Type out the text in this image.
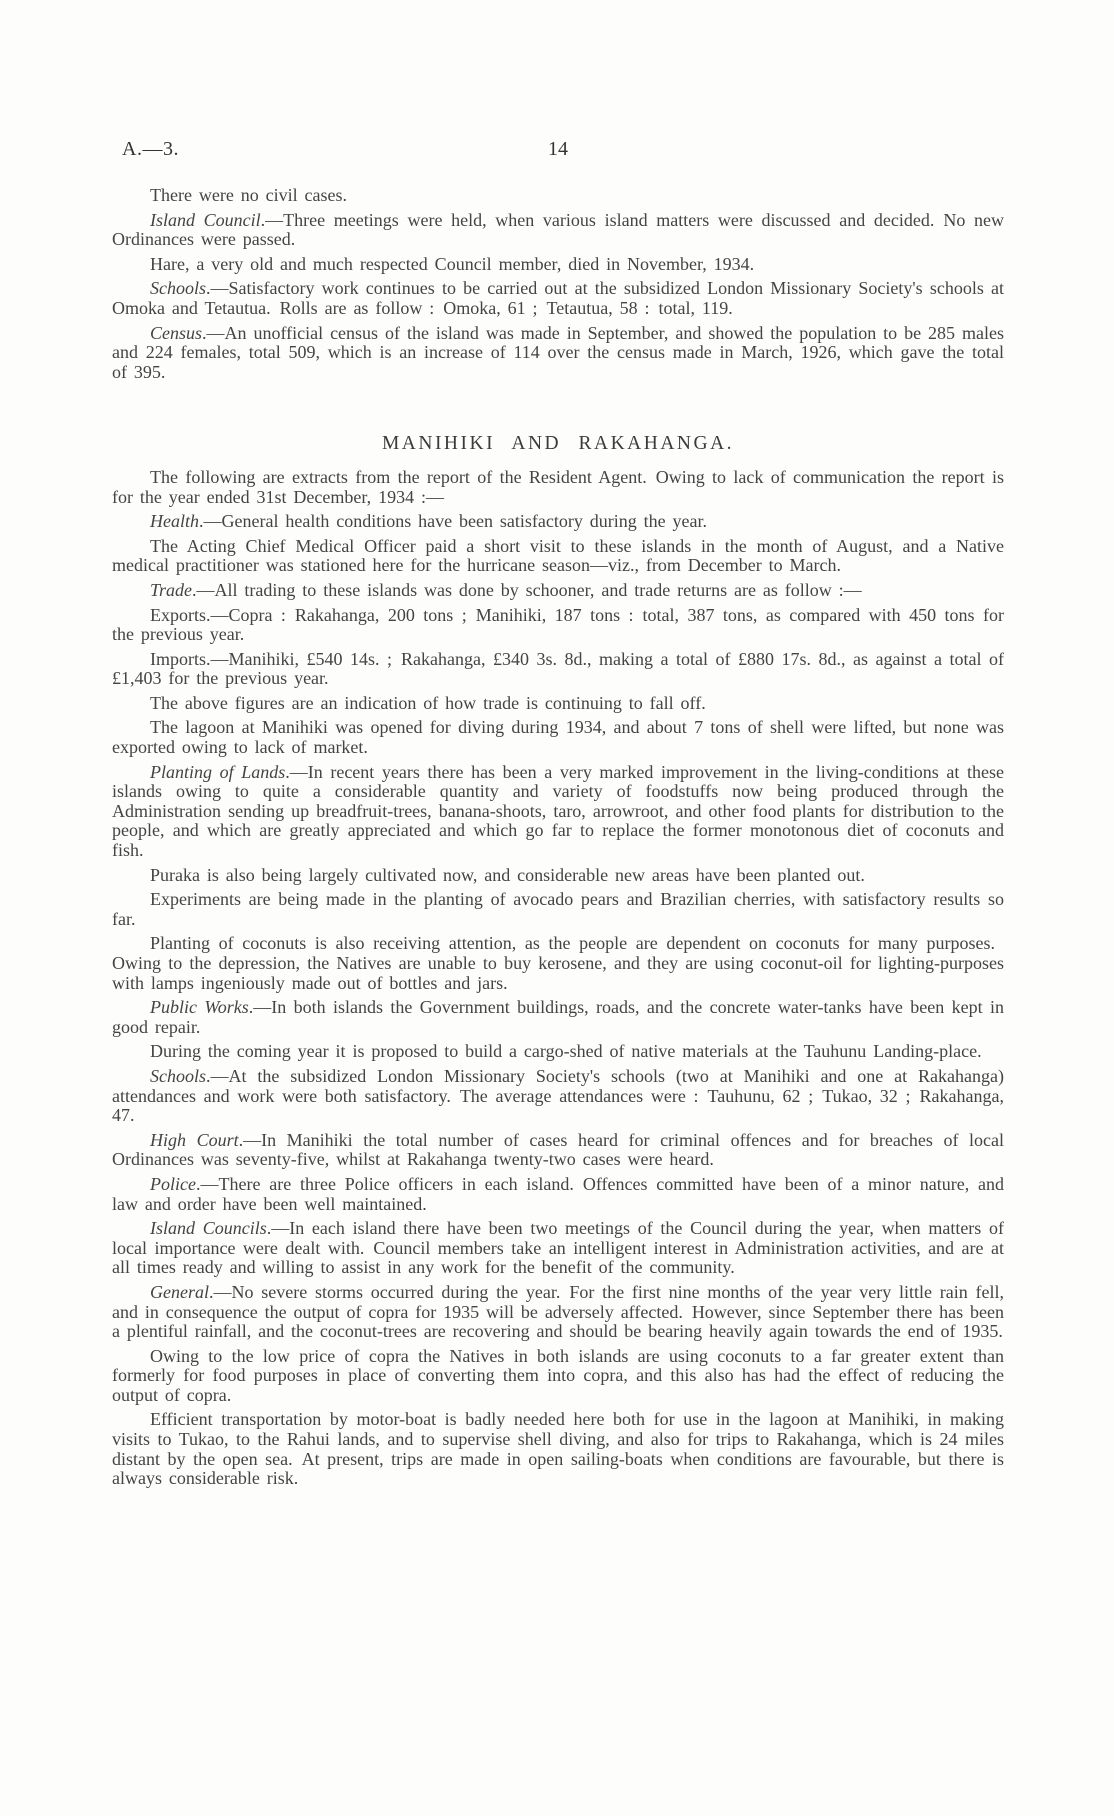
A.—3.	14

There were no civil cases.

Island Council.—Three meetings were held, when various island matters were discussed and decided. No new Ordinances were passed.

Hare, a very old and much respected Council member, died in November, 1934.

Schools.—Satisfactory work continues to be carried out at the subsidized London Missionary Society's schools at Omoka and Tetautua. Rolls are as follow : Omoka, 61 ; Tetautua, 58 : total, 119.

Census.—An unofficial census of the island was made in September, and showed the population to be 285 males and 224 females, total 509, which is an increase of 114 over the census made in March, 1926, which gave the total of 395.

MANIHIKI AND RAKAHANGA.

The following are extracts from the report of the Resident Agent. Owing to lack of communication the report is for the year ended 31st December, 1934 :—

Health.—General health conditions have been satisfactory during the year.

The Acting Chief Medical Officer paid a short visit to these islands in the month of August, and a Native medical practitioner was stationed here for the hurricane season—viz., from December to March.

Trade.—All trading to these islands was done by schooner, and trade returns are as follow :—

Exports.—Copra : Rakahanga, 200 tons ; Manihiki, 187 tons : total, 387 tons, as compared with 450 tons for the previous year.

Imports.—Manihiki, £540 14s. ; Rakahanga, £340 3s. 8d., making a total of £880 17s. 8d., as against a total of £1,403 for the previous year.

The above figures are an indication of how trade is continuing to fall off.

The lagoon at Manihiki was opened for diving during 1934, and about 7 tons of shell were lifted, but none was exported owing to lack of market.

Planting of Lands.—In recent years there has been a very marked improvement in the living-conditions at these islands owing to quite a considerable quantity and variety of foodstuffs now being produced through the Administration sending up breadfruit-trees, banana-shoots, taro, arrowroot, and other food plants for distribution to the people, and which are greatly appreciated and which go far to replace the former monotonous diet of coconuts and fish.

Puraka is also being largely cultivated now, and considerable new areas have been planted out.

Experiments are being made in the planting of avocado pears and Brazilian cherries, with satisfactory results so far.

Planting of coconuts is also receiving attention, as the people are dependent on coconuts for many purposes. Owing to the depression, the Natives are unable to buy kerosene, and they are using coconut-oil for lighting-purposes with lamps ingeniously made out of bottles and jars.

Public Works.—In both islands the Government buildings, roads, and the concrete water-tanks have been kept in good repair.

During the coming year it is proposed to build a cargo-shed of native materials at the Tauhunu Landing-place.

Schools.—At the subsidized London Missionary Society's schools (two at Manihiki and one at Rakahanga) attendances and work were both satisfactory. The average attendances were : Tauhunu, 62 ; Tukao, 32 ; Rakahanga, 47.

High Court.—In Manihiki the total number of cases heard for criminal offences and for breaches of local Ordinances was seventy-five, whilst at Rakahanga twenty-two cases were heard.

Police.—There are three Police officers in each island. Offences committed have been of a minor nature, and law and order have been well maintained.

Island Councils.—In each island there have been two meetings of the Council during the year, when matters of local importance were dealt with. Council members take an intelligent interest in Administration activities, and are at all times ready and willing to assist in any work for the benefit of the community.

General.—No severe storms occurred during the year. For the first nine months of the year very little rain fell, and in consequence the output of copra for 1935 will be adversely affected. However, since September there has been a plentiful rainfall, and the coconut-trees are recovering and should be bearing heavily again towards the end of 1935.

Owing to the low price of copra the Natives in both islands are using coconuts to a far greater extent than formerly for food purposes in place of converting them into copra, and this also has had the effect of reducing the output of copra.

Efficient transportation by motor-boat is badly needed here both for use in the lagoon at Manihiki, in making visits to Tukao, to the Rahui lands, and to supervise shell diving, and also for trips to Rakahanga, which is 24 miles distant by the open sea. At present, trips are made in open sailing-boats when conditions are favourable, but there is always considerable risk.
